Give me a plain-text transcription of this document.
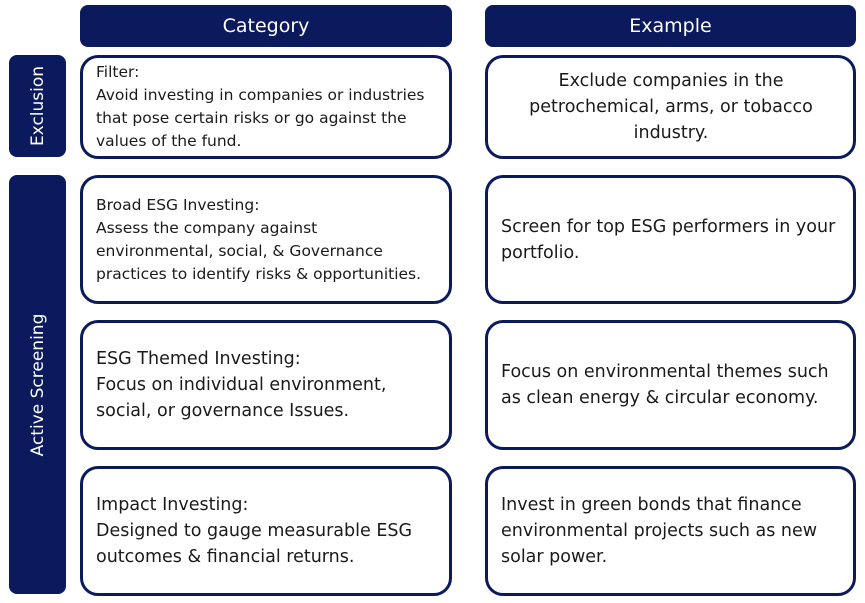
Category	Example
Exclusion
Active Screening
Filter:
Avoid investing in companies or industries that pose certain risks or go against the values of the fund.
Exclude companies in the petrochemical, arms, or tobacco industry.
Broad ESG Investing:
Assess the company against environmental, social, & Governance practices to identify risks & opportunities.
Screen for top ESG performers in your portfolio.
ESG Themed Investing:
Focus on individual environment, social, or governance Issues.
Focus on environmental themes such as clean energy & circular economy.
Impact Investing:
Designed to gauge measurable ESG outcomes & financial returns.
Invest in green bonds that finance environmental projects such as new solar power.
